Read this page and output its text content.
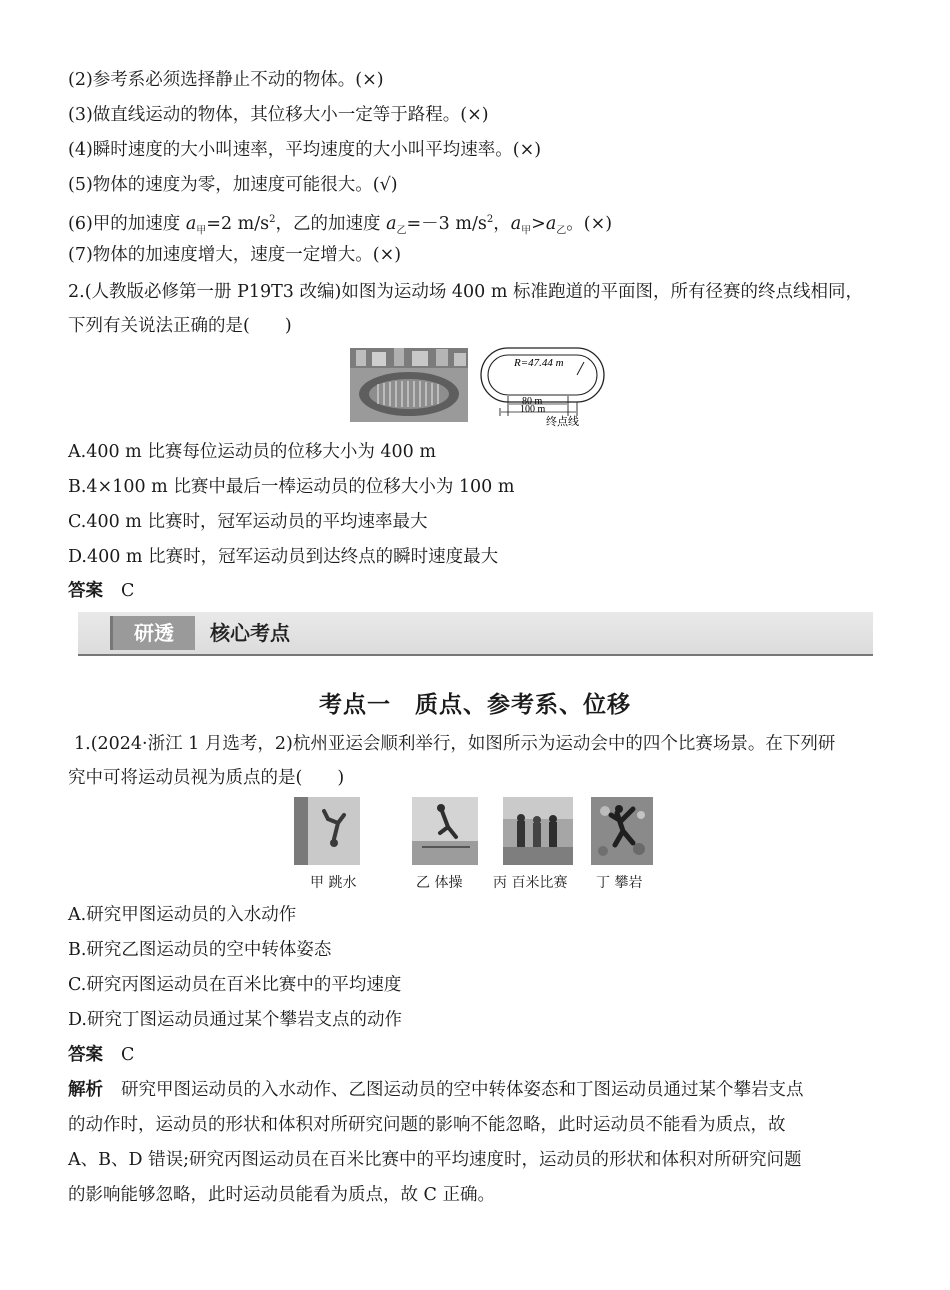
(2)参考系必须选择静止不动的物体。(×)
(3)做直线运动的物体，其位移大小一定等于路程。(×)
(4)瞬时速度的大小叫速率，平均速度的大小叫平均速率。(×)
(5)物体的速度为零，加速度可能很大。(√)
(6)甲的加速度 $a_甲=2$ $m/s^2$，乙的加速度 $a_乙=-3$ $m/s^2$，$a_甲>a_乙$。(×)
(7)物体的加速度增大，速度一定增大。(×)
2.(人教版必修第一册 P19T3 改编)如图为运动场 400 m 标准跑道的平面图，所有径赛的终点线相同，
下列有关说法正确的是(　　)
R=47.44 m
80 m
100 m
终点线
A.400 m 比赛每位运动员的位移大小为 400 m
B.4×100 m 比赛中最后一棒运动员的位移大小为 100 m
C.400 m 比赛时，冠军运动员的平均速率最大
D.400 m 比赛时，冠军运动员到达终点的瞬时速度最大
答案 C
研透	核心考点
考点一　质点、参考系、位移
1.(2024·浙江 1 月选考，2)杭州亚运会顺利举行，如图所示为运动会中的四个比赛场景。在下列研
究中可将运动员视为质点的是(　　)
甲 跳水	乙 体操 丙 百米比赛 丁 攀岩
A.研究甲图运动员的入水动作
B.研究乙图运动员的空中转体姿态
C.研究丙图运动员在百米比赛中的平均速度
D.研究丁图运动员通过某个攀岩支点的动作
答案 C
解析 研究甲图运动员的入水动作、乙图运动员的空中转体姿态和丁图运动员通过某个攀岩支点
的动作时，运动员的形状和体积对所研究问题的影响不能忽略，此时运动员不能看为质点，故
A、B、D 错误;研究丙图运动员在百米比赛中的平均速度时，运动员的形状和体积对所研究问题
的影响能够忽略，此时运动员能看为质点，故 C 正确。
